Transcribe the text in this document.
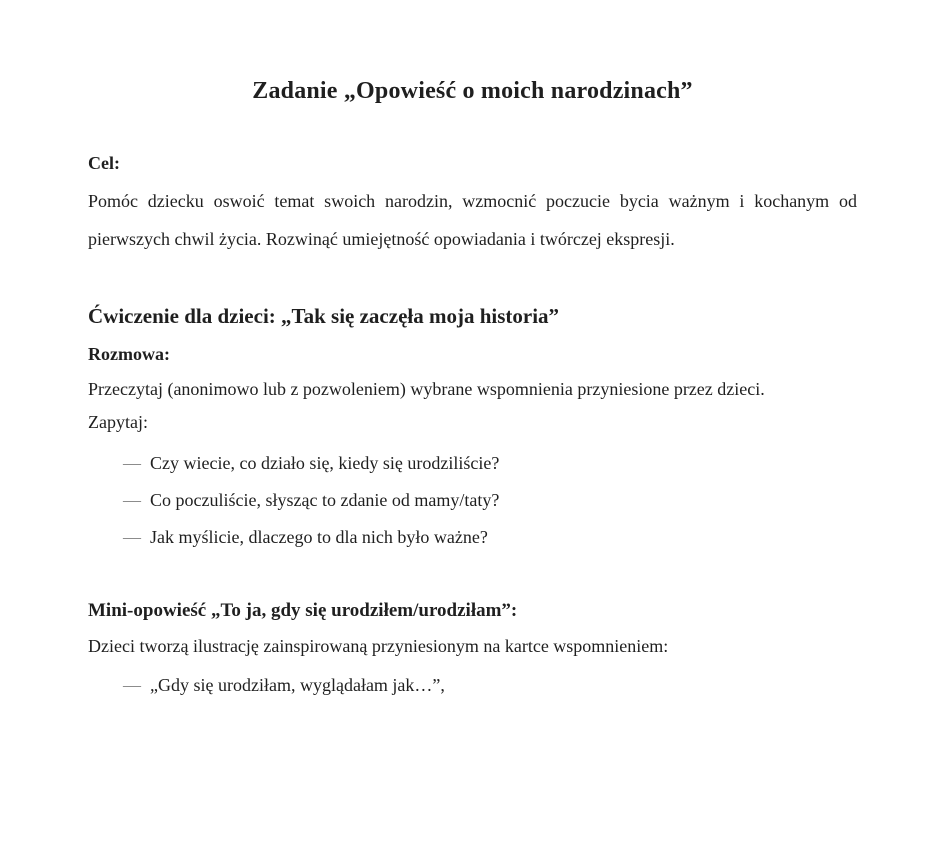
Zadanie „Opowieść o moich narodzinach”

Cel:

Pomóc dziecku oswoić temat swoich narodzin, wzmocnić poczucie bycia ważnym i kochanym od pierwszych chwil życia. Rozwinąć umiejętność opowiadania i twórczej ekspresji.

Ćwiczenie dla dzieci: „Tak się zaczęła moja historia”

Rozmowa:

Przeczytaj (anonimowo lub z pozwoleniem) wybrane wspomnienia przyniesione przez dzieci.

Zapytaj:

— Czy wiecie, co działo się, kiedy się urodziliście?

— Co poczuliście, słysząc to zdanie od mamy/taty?

— Jak myślicie, dlaczego to dla nich było ważne?

Mini-opowieść „To ja, gdy się urodziłem/urodziłam”:

Dzieci tworzą ilustrację zainspirowaną przyniesionym na kartce wspomnieniem:

— „Gdy się urodziłam, wyglądałam jak…”,
